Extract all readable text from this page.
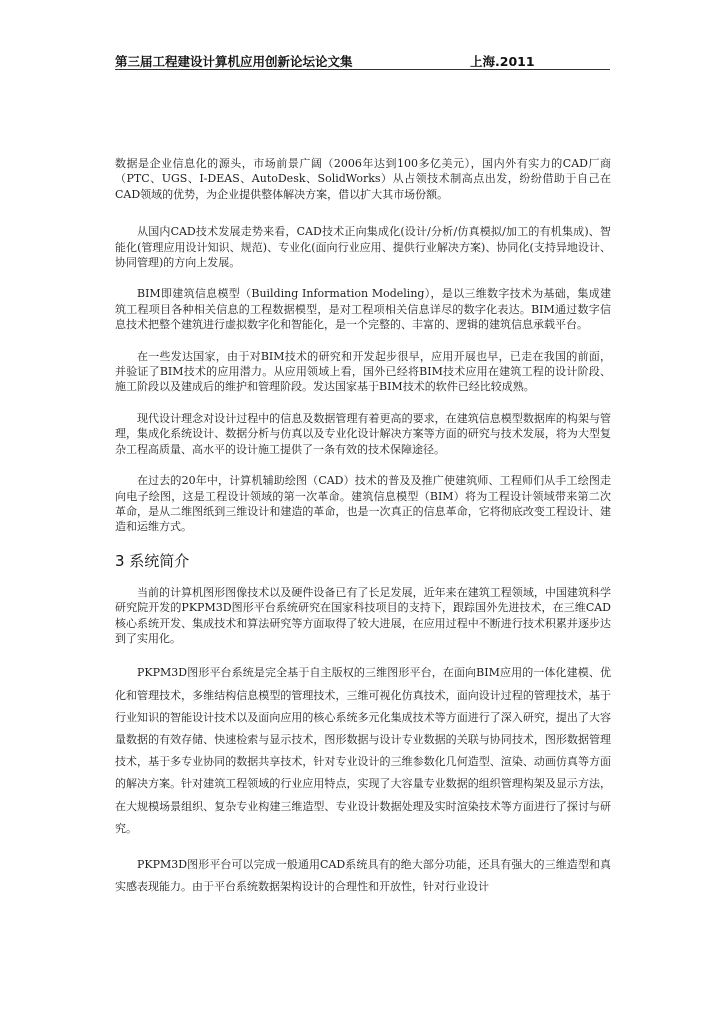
第三届工程建设计算机应用创新论坛论文集	上海.2011

数据是企业信息化的源头，市场前景广阔（2006年达到100多亿美元），国内外有实力的CAD厂商（PTC、UGS、I-DEAS、AutoDesk、SolidWorks）从占领技术制高点出发，纷纷借助于自己在CAD领域的优势，为企业提供整体解决方案，借以扩大其市场份额。

从国内CAD技术发展走势来看，CAD技术正向集成化(设计/分析/仿真模拟/加工的有机集成)、智能化(管理应用设计知识、规范)、专业化(面向行业应用、提供行业解决方案)、协同化(支持异地设计、协同管理)的方向上发展。

BIM即建筑信息模型（Building Information Modeling），是以三维数字技术为基础，集成建筑工程项目各种相关信息的工程数据模型，是对工程项相关信息详尽的数字化表达。BIM通过数字信息技术把整个建筑进行虚拟数字化和智能化，是一个完整的、丰富的、逻辑的建筑信息承载平台。

在一些发达国家，由于对BIM技术的研究和开发起步很早，应用开展也早，已走在我国的前面，并验证了BIM技术的应用潜力。从应用领域上看，国外已经将BIM技术应用在建筑工程的设计阶段、施工阶段以及建成后的维护和管理阶段。发达国家基于BIM技术的软件已经比较成熟。

现代设计理念对设计过程中的信息及数据管理有着更高的要求，在建筑信息模型数据库的构架与管理，集成化系统设计、数据分析与仿真以及专业化设计解决方案等方面的研究与技术发展，将为大型复杂工程高质量、高水平的设计施工提供了一条有效的技术保障途径。

在过去的20年中，计算机辅助绘图（CAD）技术的普及及推广使建筑师、工程师们从手工绘图走向电子绘图，这是工程设计领域的第一次革命。建筑信息模型（BIM）将为工程设计领域带来第二次革命，是从二维图纸到三维设计和建造的革命，也是一次真正的信息革命，它将彻底改变工程设计、建造和运维方式。

3 系统简介

当前的计算机图形图像技术以及硬件设备已有了长足发展，近年来在建筑工程领域，中国建筑科学研究院开发的PKPM3D图形平台系统研究在国家科技项目的支持下，跟踪国外先进技术，在三维CAD核心系统开发、集成技术和算法研究等方面取得了较大进展，在应用过程中不断进行技术积累并逐步达到了实用化。

PKPM3D图形平台系统是完全基于自主版权的三维图形平台，在面向BIM应用的一体化建模、优化和管理技术，多维结构信息模型的管理技术，三维可视化仿真技术，面向设计过程的管理技术，基于行业知识的智能设计技术以及面向应用的核心系统多元化集成技术等方面进行了深入研究，提出了大容量数据的有效存储、快速检索与显示技术，图形数据与设计专业数据的关联与协同技术，图形数据管理技术，基于多专业协同的数据共享技术，针对专业设计的三维参数化几何造型、渲染、动画仿真等方面的解决方案。针对建筑工程领域的行业应用特点，实现了大容量专业数据的组织管理构架及显示方法，在大规模场景组织、复杂专业构建三维造型、专业设计数据处理及实时渲染技术等方面进行了探讨与研究。

PKPM3D图形平台可以完成一般通用CAD系统具有的绝大部分功能，还具有强大的三维造型和真实感表现能力。由于平台系统数据架构设计的合理性和开放性，针对行业设计
